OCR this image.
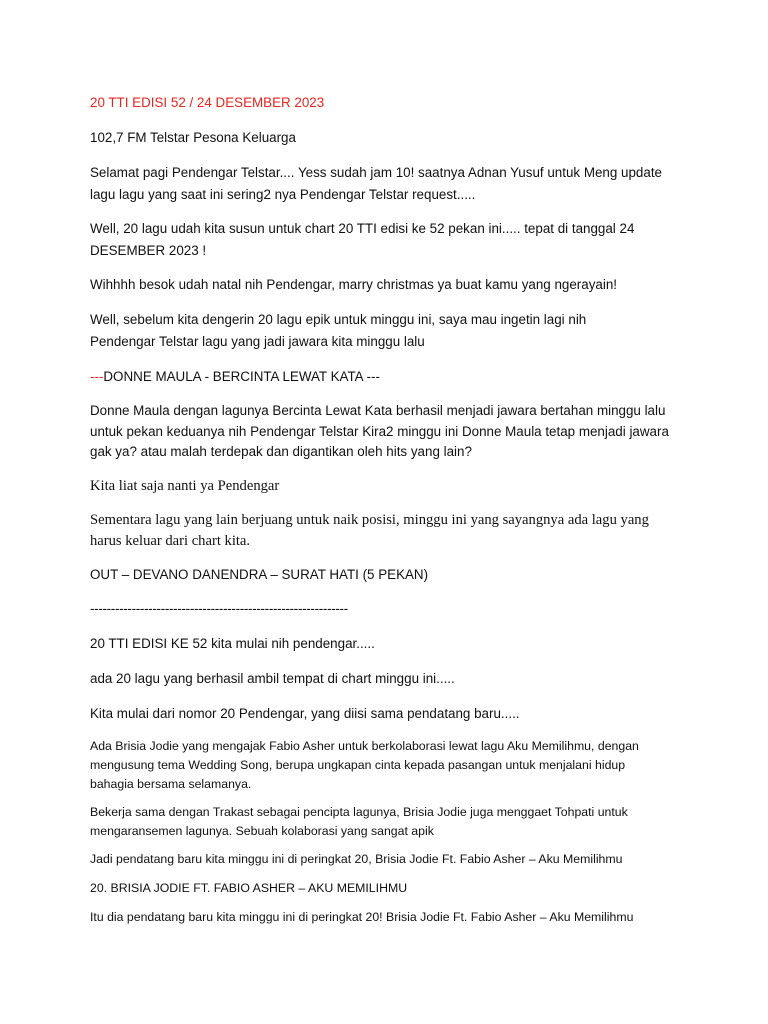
20 TTI EDISI 52 / 24 DESEMBER 2023

102,7 FM Telstar Pesona Keluarga

Selamat pagi Pendengar Telstar.... Yess sudah jam 10! saatnya Adnan Yusuf untuk Meng update lagu lagu yang saat ini sering2 nya Pendengar Telstar request.....

Well, 20 lagu udah kita susun untuk chart 20 TTI edisi ke 52 pekan ini..... tepat di tanggal 24 DESEMBER 2023 !

Wihhhh besok udah natal nih Pendengar, marry christmas ya buat kamu yang ngerayain!

Well, sebelum kita dengerin 20 lagu epik untuk minggu ini, saya mau ingetin lagi nih Pendengar Telstar lagu yang jadi jawara kita minggu lalu

---DONNE MAULA - BERCINTA LEWAT KATA ---

Donne Maula dengan lagunya Bercinta Lewat Kata berhasil menjadi jawara bertahan minggu lalu untuk pekan keduanya nih Pendengar Telstar Kira2 minggu ini Donne Maula tetap menjadi jawara gak ya? atau malah terdepak dan digantikan oleh hits yang lain?

Kita liat saja nanti ya Pendengar

Sementara lagu yang lain berjuang untuk naik posisi, minggu ini yang sayangnya ada lagu yang harus keluar dari chart kita.

OUT – DEVANO DANENDRA – SURAT HATI (5 PEKAN)

--------------------------------------------------------------

20 TTI EDISI KE 52 kita mulai nih pendengar.....

ada 20 lagu yang berhasil ambil tempat di chart minggu ini.....

Kita mulai dari nomor 20 Pendengar, yang diisi sama pendatang baru.....

Ada Brisia Jodie yang mengajak Fabio Asher untuk berkolaborasi lewat lagu Aku Memilihmu, dengan mengusung tema Wedding Song, berupa ungkapan cinta kepada pasangan untuk menjalani hidup bahagia bersama selamanya.

Bekerja sama dengan Trakast sebagai pencipta lagunya, Brisia Jodie juga menggaet Tohpati untuk mengaransemen lagunya. Sebuah kolaborasi yang sangat apik

Jadi pendatang baru kita minggu ini di peringkat 20, Brisia Jodie Ft. Fabio Asher – Aku Memilihmu

20. BRISIA JODIE FT. FABIO ASHER – AKU MEMILIHMU

Itu dia pendatang baru kita minggu ini di peringkat 20! Brisia Jodie Ft. Fabio Asher – Aku Memilihmu
